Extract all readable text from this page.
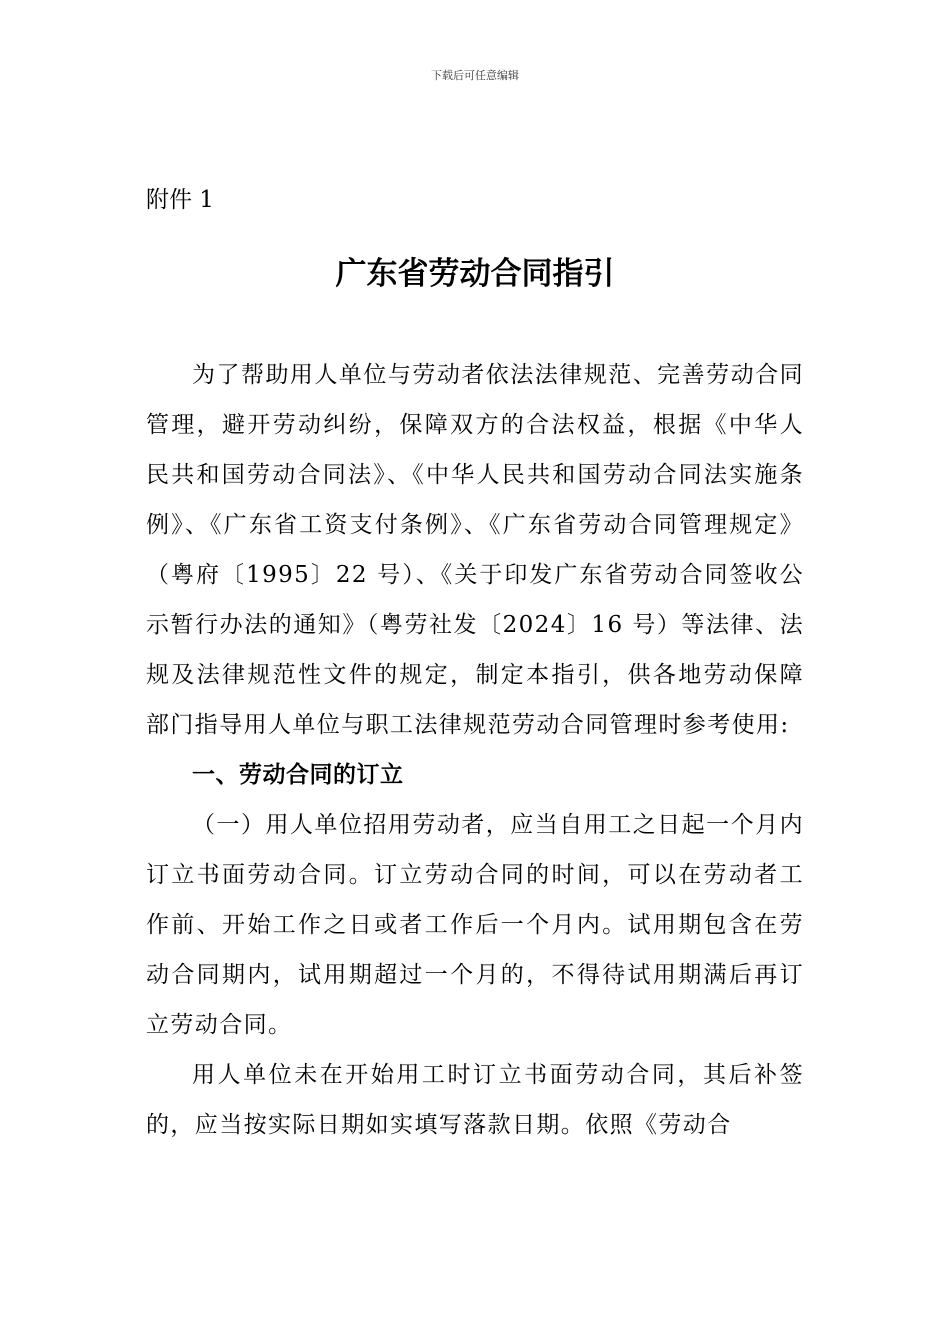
下载后可任意编辑
附件 1
广东省劳动合同指引

为了帮助用人单位与劳动者依法法律规范、完善劳动合同管理，避开劳动纠纷，保障双方的合法权益，根据《中华人民共和国劳动合同法》、《中华人民共和国劳动合同法实施条例》、《广东省工资支付条例》、《广东省劳动合同管理规定》（粤府〔1995〕22 号）、《关于印发广东省劳动合同签收公示暂行办法的通知》（粤劳社发〔2024〕16 号）等法律、法规及法律规范性文件的规定，制定本指引，供各地劳动保障部门指导用人单位与职工法律规范劳动合同管理时参考使用:

一、劳动合同的订立

（一）用人单位招用劳动者，应当自用工之日起一个月内订立书面劳动合同。订立劳动合同的时间，可以在劳动者工作前、开始工作之日或者工作后一个月内。试用期包含在劳动合同期内，试用期超过一个月的，不得待试用期满后再订立劳动合同。

用人单位未在开始用工时订立书面劳动合同，其后补签的，应当按实际日期如实填写落款日期。依照《劳动合
